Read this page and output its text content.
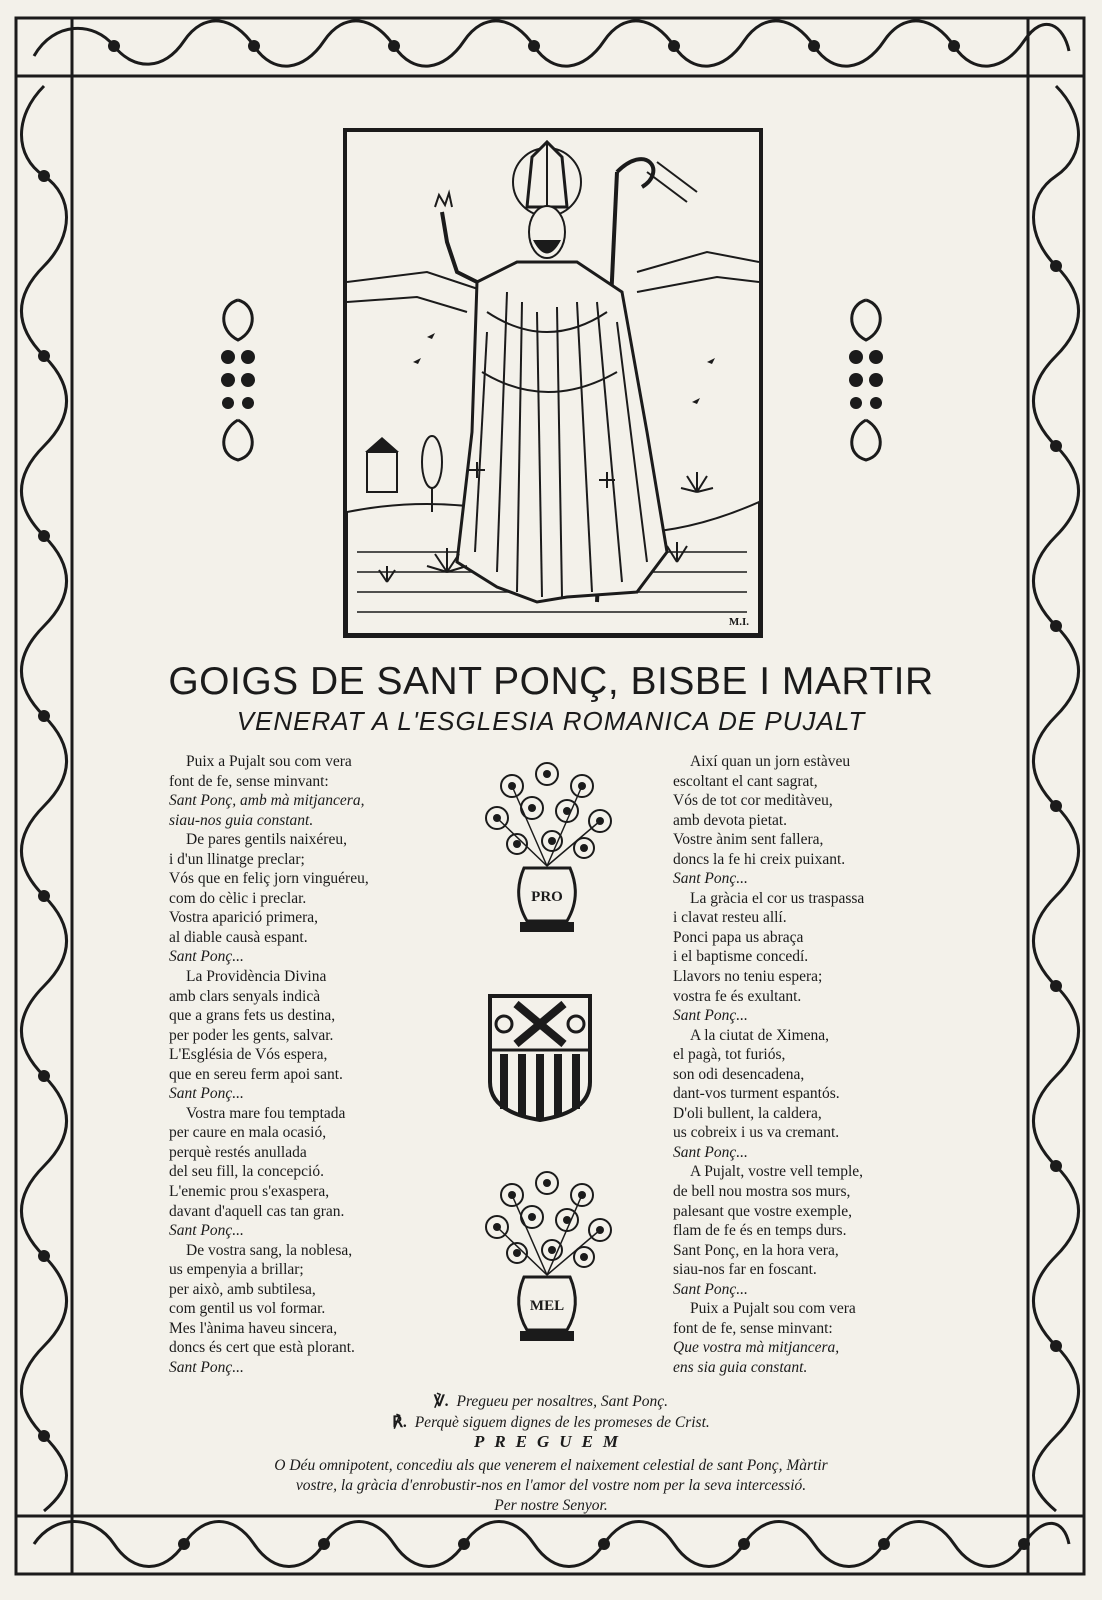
M.I.
GOIGS DE SANT PONÇ, BISBE I MARTIR
VENERAT A L'ESGLESIA ROMANICA DE PUJALT
Puix a Pujalt sou com vera
font de fe, sense minvant:
Sant Ponç, amb mà mitjancera,
siau-nos guia constant.
De pares gentils naixéreu,
i d'un llinatge preclar;
Vós que en feliç jorn vinguéreu,
com do cèlic i preclar.
Vostra aparició primera,
al diable causà espant.
Sant Ponç...
La Providència Divina
amb clars senyals indicà
que a grans fets us destina,
per poder les gents, salvar.
L'Església de Vós espera,
que en sereu ferm apoi sant.
Sant Ponç...
Vostra mare fou temptada
per caure en mala ocasió,
perquè restés anullada
del seu fill, la concepció.
L'enemic prou s'exaspera,
davant d'aquell cas tan gran.
Sant Ponç...
De vostra sang, la noblesa,
us empenyia a brillar;
per això, amb subtilesa,
com gentil us vol formar.
Mes l'ànima haveu sincera,
doncs és cert que està plorant.
Sant Ponç...
Així quan un jorn estàveu
escoltant el cant sagrat,
Vós de tot cor meditàveu,
amb devota pietat.
Vostre ànim sent fallera,
doncs la fe hi creix puixant.
Sant Ponç...
La gràcia el cor us traspassa
i clavat resteu allí.
Ponci papa us abraça
i el baptisme concedí.
Llavors no teniu espera;
vostra fe és exultant.
Sant Ponç...
A la ciutat de Ximena,
el pagà, tot furiós,
son odi desencadena,
dant-vos turment espantós.
D'oli bullent, la caldera,
us cobreix i us va cremant.
Sant Ponç...
A Pujalt, vostre vell temple,
de bell nou mostra sos murs,
palesant que vostre exemple,
flam de fe és en temps durs.
Sant Ponç, en la hora vera,
siau-nos far en foscant.
Sant Ponç...
Puix a Pujalt sou com vera
font de fe, sense minvant:
Que vostra mà mitjancera,
ens sia guia constant.
PRO
MEL
℣. Pregueu per nosaltres, Sant Ponç.
℟. Perquè siguem dignes de les promeses de Crist.
PREGUEM
O Déu omnipotent, concediu als que venerem el naixement celestial de sant Ponç, Màrtir
vostre, la gràcia d'enrobustir-nos en l'amor del vostre nom per la seva intercessió.
Per nostre Senyor.
